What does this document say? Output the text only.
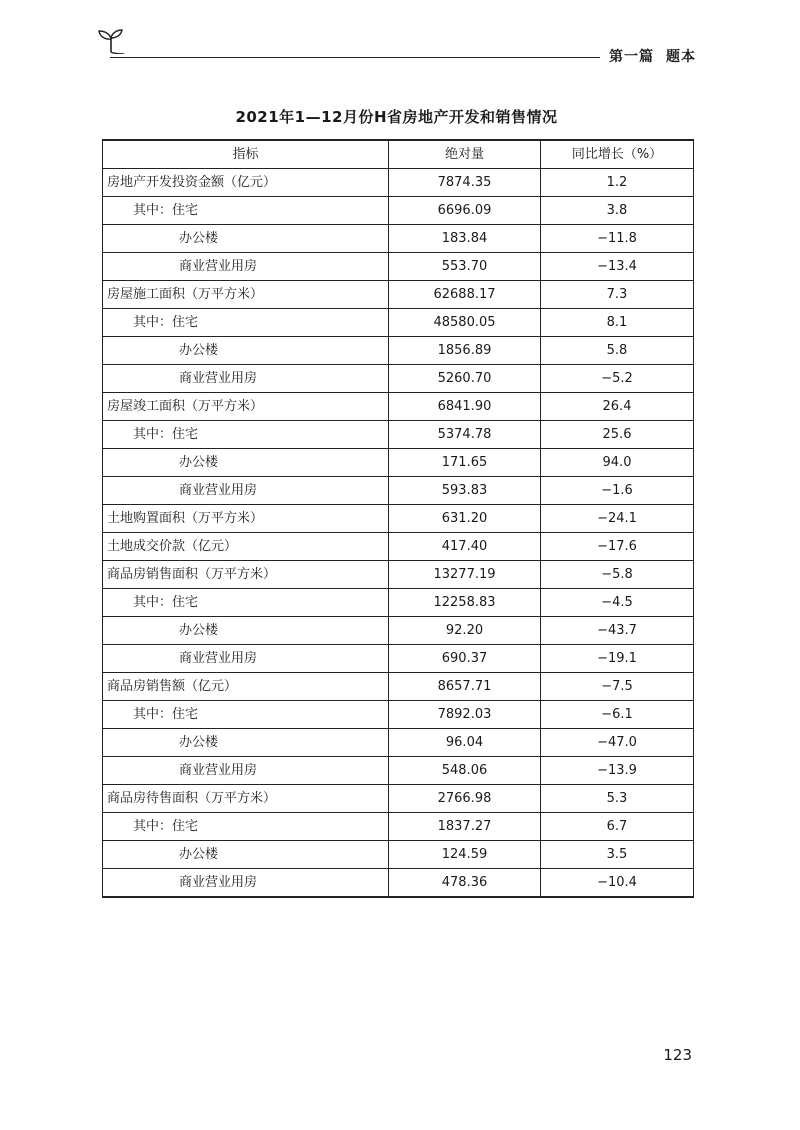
第一篇 题本
2021年1—12月份H省房地产开发和销售情况
指标	绝对量	同比增长（%）
房地产开发投资金额（亿元）	7874.35	1.2
其中：住宅	6696.09	3.8
办公楼	183.84	−11.8
商业营业用房	553.70	−13.4
房屋施工面积（万平方米）	62688.17	7.3
其中：住宅	48580.05	8.1
办公楼	1856.89	5.8
商业营业用房	5260.70	−5.2
房屋竣工面积（万平方米）	6841.90	26.4
其中：住宅	5374.78	25.6
办公楼	171.65	94.0
商业营业用房	593.83	−1.6
土地购置面积（万平方米）	631.20	−24.1
土地成交价款（亿元）	417.40	−17.6
商品房销售面积（万平方米）	13277.19	−5.8
其中：住宅	12258.83	−4.5
办公楼	92.20	−43.7
商业营业用房	690.37	−19.1
商品房销售额（亿元）	8657.71	−7.5
其中：住宅	7892.03	−6.1
办公楼	96.04	−47.0
商业营业用房	548.06	−13.9
商品房待售面积（万平方米）	2766.98	5.3
其中：住宅	1837.27	6.7
办公楼	124.59	3.5
商业营业用房	478.36	−10.4
123
